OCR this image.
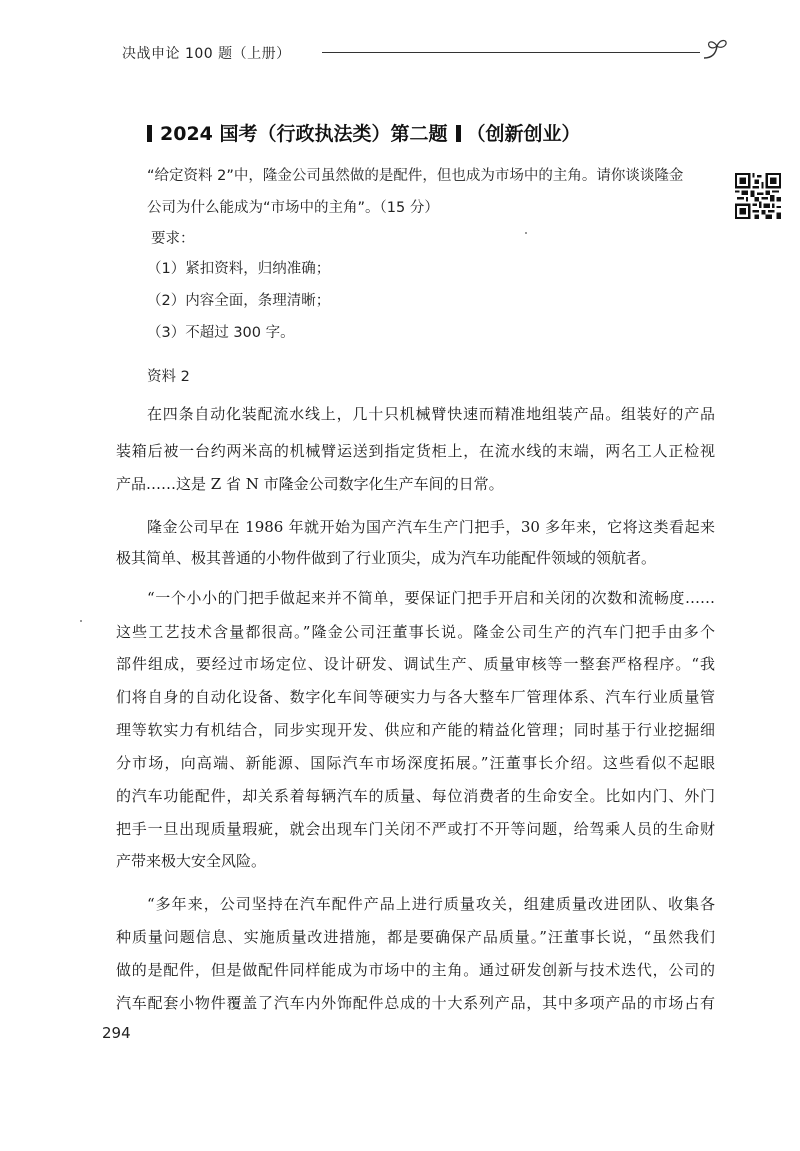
决战申论 100 题（上册）
2024 国考（行政执法类）第二题 （创新创业）
“给定资料 2”中，隆金公司虽然做的是配件，但也成为市场中的主角。请你谈谈隆金
公司为什么能成为“市场中的主角”。（15 分）
要求：
（1）紧扣资料，归纳准确；
（2）内容全面，条理清晰；
（3）不超过 300 字。
资料 2
在四条自动化装配流水线上，几十只机械臂快速而精准地组装产品。组装好的产品
装箱后被一台约两米高的机械臂运送到指定货柜上，在流水线的末端，两名工人正检视
产品……这是 Z 省 N 市隆金公司数字化生产车间的日常。
隆金公司早在 1986 年就开始为国产汽车生产门把手，30 多年来，它将这类看起来
极其简单、极其普通的小物件做到了行业顶尖，成为汽车功能配件领域的领航者。
“一个小小的门把手做起来并不简单，要保证门把手开启和关闭的次数和流畅度……
这些工艺技术含量都很高。”隆金公司汪董事长说。隆金公司生产的汽车门把手由多个
部件组成，要经过市场定位、设计研发、调试生产、质量审核等一整套严格程序。“我
们将自身的自动化设备、数字化车间等硬实力与各大整车厂管理体系、汽车行业质量管
理等软实力有机结合，同步实现开发、供应和产能的精益化管理；同时基于行业挖掘细
分市场，向高端、新能源、国际汽车市场深度拓展。”汪董事长介绍。这些看似不起眼
的汽车功能配件，却关系着每辆汽车的质量、每位消费者的生命安全。比如内门、外门
把手一旦出现质量瑕疵，就会出现车门关闭不严或打不开等问题，给驾乘人员的生命财
产带来极大安全风险。
“多年来，公司坚持在汽车配件产品上进行质量攻关，组建质量改进团队、收集各
种质量问题信息、实施质量改进措施，都是要确保产品质量。”汪董事长说，“虽然我们
做的是配件，但是做配件同样能成为市场中的主角。通过研发创新与技术迭代，公司的
汽车配套小物件覆盖了汽车内外饰配件总成的十大系列产品，其中多项产品的市场占有
294
